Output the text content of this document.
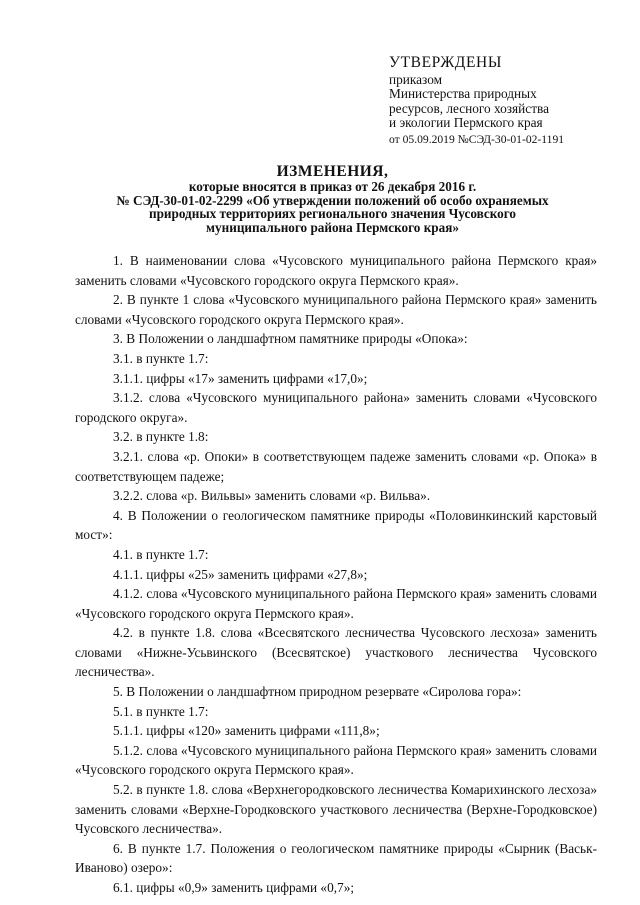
УТВЕРЖДЕНЫ
приказом
Министерства природных
ресурсов, лесного хозяйства
и экологии Пермского края
от 05.09.2019 №СЭД-30-01-02-1191
ИЗМЕНЕНИЯ,
которые вносятся в приказ от 26 декабря 2016 г.
№ СЭД-30-01-02-2299 «Об утверждении положений об особо охраняемых
природных территориях регионального значения Чусовского
муниципального района Пермского края»

1. В наименовании слова «Чусовского муниципального района Пермского края» заменить словами «Чусовского городского округа Пермского края».

2. В пункте 1 слова «Чусовского муниципального района Пермского края» заменить словами «Чусовского городского округа Пермского края».

3. В Положении о ландшафтном памятнике природы «Опока»:

3.1. в пункте 1.7:

3.1.1. цифры «17» заменить цифрами «17,0»;

3.1.2. слова «Чусовского муниципального района» заменить словами «Чусовского городского округа».

3.2. в пункте 1.8:

3.2.1. слова «р. Опоки» в соответствующем падеже заменить словами «р. Опока» в соответствующем падеже;

3.2.2. слова «р. Вильвы» заменить словами «р. Вильва».

4. В Положении о геологическом памятнике природы «Половинкинский карстовый мост»:

4.1. в пункте 1.7:

4.1.1. цифры «25» заменить цифрами «27,8»;

4.1.2. слова «Чусовского муниципального района Пермского края» заменить словами «Чусовского городского округа Пермского края».

4.2. в пункте 1.8. слова «Всесвятского лесничества Чусовского лесхоза» заменить словами «Нижне-Усьвинского (Всесвятское) участкового лесничества Чусовского лесничества».

5. В Положении о ландшафтном природном резервате «Сиролова гора»:

5.1. в пункте 1.7:

5.1.1. цифры «120» заменить цифрами «111,8»;

5.1.2. слова «Чусовского муниципального района Пермского края» заменить словами «Чусовского городского округа Пермского края».

5.2. в пункте 1.8. слова «Верхнегородковского лесничества Комарихинского лесхоза» заменить словами «Верхне-Городковского участкового лесничества (Верхне-Городковское) Чусовского лесничества».

6. В пункте 1.7. Положения о геологическом памятнике природы «Сырник (Васьк-Иваново) озеро»:

6.1. цифры «0,9» заменить цифрами «0,7»;
